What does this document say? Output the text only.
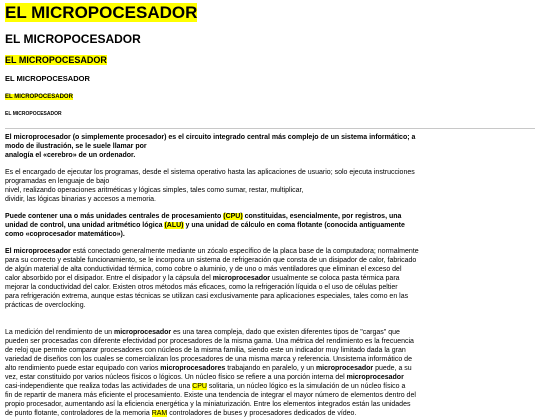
EL MICROPOCESADOR
EL MICROPOCESADOR
EL MICROPOCESADOR
EL MICROPOCESADOR
EL MICROPOCESADOR
EL MICROPOCESADOR

El microprocesador (o simplemente procesador) es el circuito integrado central más complejo de un sistema informático; a
modo de ilustración, se le suele llamar por
analogía el «cerebro» de un ordenador.

Es el encargado de ejecutar los programas, desde el sistema operativo hasta las aplicaciones de usuario; solo ejecuta instrucciones
programadas en lenguaje de bajo
nivel, realizando operaciones aritméticas y lógicas simples, tales como sumar, restar, multiplicar,
dividir, las lógicas binarias y accesos a memoria.

Puede contener una o más unidades centrales de procesamiento (CPU) constituidas, esencialmente, por registros, una
unidad de control, una unidad aritmético lógica (ALU) y una unidad de cálculo en coma flotante (conocida antiguamente
como «coprocesador matemático»).

El microprocesador está conectado generalmente mediante un zócalo específico de la placa base de la computadora; normalmente
para su correcto y estable funcionamiento, se le incorpora un sistema de refrigeración que consta de un disipador de calor, fabricado
de algún material de alta conductividad térmica, como cobre o aluminio, y de uno o más ventiladores que eliminan el exceso del
calor absorbido por el disipador. Entre el disipador y la cápsula del microprocesador usualmente se coloca pasta térmica para
mejorar la conductividad del calor. Existen otros métodos más eficaces, como la refrigeración líquida o el uso de células peltier
para refrigeración extrema, aunque estas técnicas se utilizan casi exclusivamente para aplicaciones especiales, tales como en las
prácticas de overclocking.

La medición del rendimiento de un microprocesador es una tarea compleja, dado que existen diferentes tipos de "cargas" que
pueden ser procesadas con diferente efectividad por procesadores de la misma gama. Una métrica del rendimiento es la frecuencia
de reloj que permite comparar procesadores con núcleos de la misma familia, siendo este un indicador muy limitado dada la gran
variedad de diseños con los cuales se comercializan los procesadores de una misma marca y referencia. Unsistema informático de
alto rendimiento puede estar equipado con varios microprocesadores trabajando en paralelo, y un microprocesador puede, a su
vez, estar constituido por varios núcleos físicos o lógicos. Un núcleo físico se refiere a una porción interna del microprocesador
casi-independiente que realiza todas las actividades de una CPU solitaria, un núcleo lógico es la simulación de un núcleo físico a
fin de repartir de manera más eficiente el procesamiento. Existe una tendencia de integrar el mayor número de elementos dentro del
propio procesador, aumentando así la eficiencia energética y la miniaturización. Entre los elementos integrados están las unidades
de punto flotante, controladores de la memoria RAM controladores de buses y procesadores dedicados de vídeo.
